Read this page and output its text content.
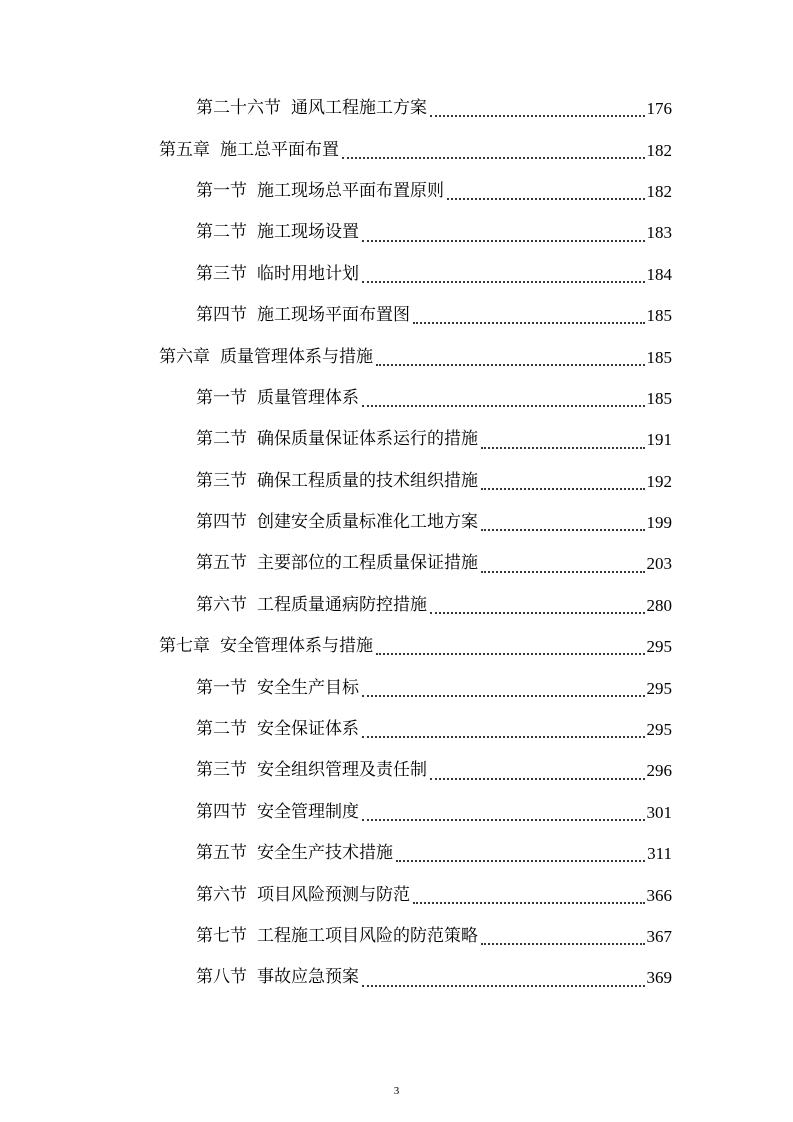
第二十六节 通风工程施工方案	176
第五章 施工总平面布置	182
第一节 施工现场总平面布置原则	182
第二节 施工现场设置	183
第三节 临时用地计划	184
第四节 施工现场平面布置图	185
第六章 质量管理体系与措施	185
第一节 质量管理体系	185
第二节 确保质量保证体系运行的措施	191
第三节 确保工程质量的技术组织措施	192
第四节 创建安全质量标准化工地方案	199
第五节 主要部位的工程质量保证措施	203
第六节 工程质量通病防控措施	280
第七章 安全管理体系与措施	295
第一节 安全生产目标	295
第二节 安全保证体系	295
第三节 安全组织管理及责任制	296
第四节 安全管理制度	301
第五节 安全生产技术措施	311
第六节 项目风险预测与防范	366
第七节 工程施工项目风险的防范策略	367
第八节 事故应急预案	369
3
